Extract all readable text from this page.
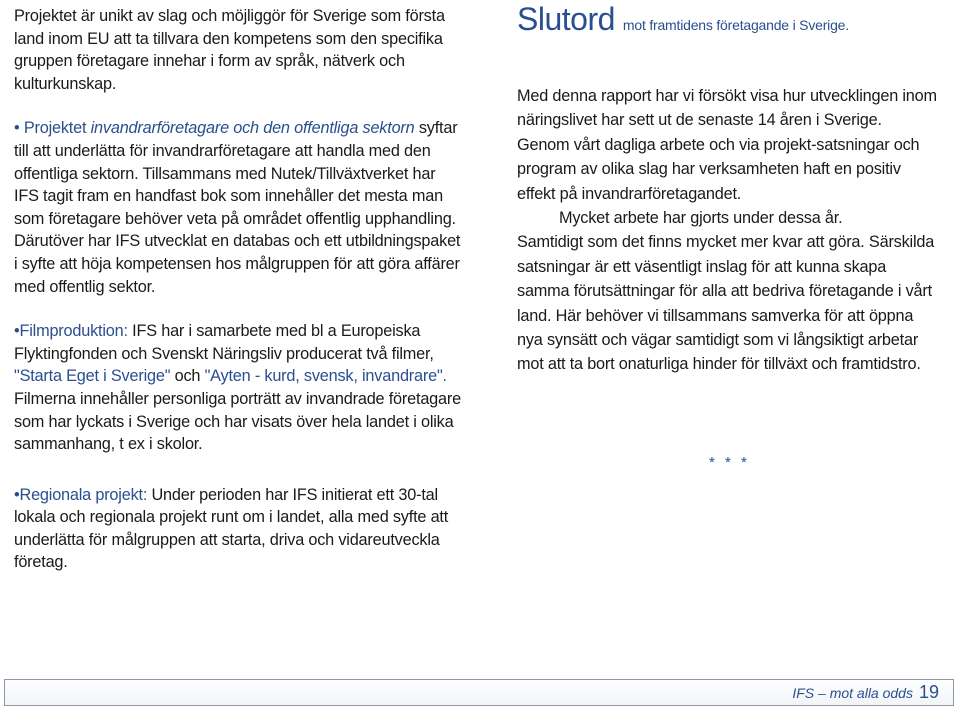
Projektet är unikt av slag och möjliggör för Sverige som första land inom EU att ta tillvara den kompetens som den specifika gruppen företagare innehar i form av språk, nätverk och kulturkunskap.

• Projektet invandrarföretagare och den offentliga sektorn syftar till att underlätta för invandrarföretagare att handla med den offentliga sektorn. Tillsammans med Nutek/Tillväxtverket har IFS tagit fram en handfast bok som innehåller det mesta man som företagare behöver veta på området offentlig upphandling. Därutöver har IFS utvecklat en databas och ett utbildningspaket i syfte att höja kompetensen hos målgruppen för att göra affärer med offentlig sektor.
•Filmproduktion: IFS har i samarbete med bl a Europeiska Flyktingfonden och Svenskt Näringsliv producerat två filmer, "Starta Eget i Sverige" och "Ayten - kurd, svensk, invandrare". Filmerna innehåller personliga porträtt av invandrade företagare som har lyckats i Sverige och har visats över hela landet i olika sammanhang, t ex i skolor.
•Regionala projekt: Under perioden har IFS initierat ett 30-tal lokala och regionala projekt runt om i landet, alla med syfte att underlätta för målgruppen att starta, driva och vidareutveckla företag.
Slutord mot framtidens företagande i Sverige.

Med denna rapport har vi försökt visa hur utvecklingen inom näringslivet har sett ut de senaste 14 åren i Sverige. Genom vårt dagliga arbete och via projekt-satsningar och program av olika slag har verksamheten haft en positiv effekt på invandrarföretagandet.

Mycket arbete har gjorts under dessa år.

Samtidigt som det finns mycket mer kvar att göra. Särskilda satsningar är ett väsentligt inslag för att kunna skapa samma förutsättningar för alla att bedriva företagande i vårt land. Här behöver vi tillsammans samverka för att öppna nya synsätt och vägar samtidigt som vi långsiktigt arbetar mot att ta bort onaturliga hinder för tillväxt och framtidstro.

* * *
IFS – mot alla odds 19
